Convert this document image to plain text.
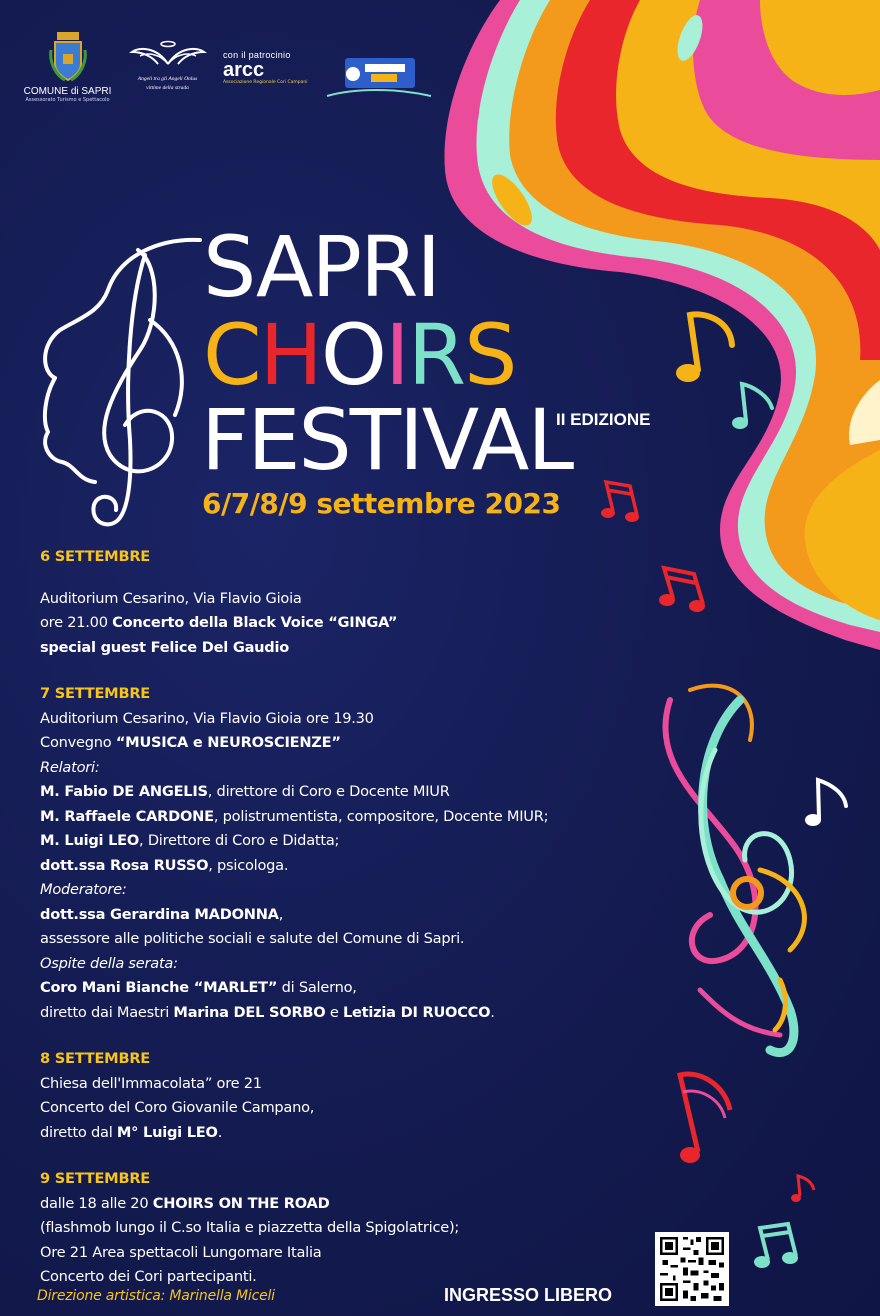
COMUNE di SAPRI
Assessorato Turismo e Spettacolo
Angeli tra gli Angeli Onlus
vittime della strada
con il patrocinio
arcc
Associazione Regionale Cori Campani
SAPRI
CHOIRS
FESTIVAL
II EDIZIONE
6/7/8/9 settembre 2023
6 SETTEMBRE
Auditorium Cesarino, Via Flavio Gioia
ore 21.00 Concerto della Black Voice “GINGA”
special guest Felice Del Gaudio
7 SETTEMBRE
Auditorium Cesarino, Via Flavio Gioia ore 19.30
Convegno “MUSICA e NEUROSCIENZE”
Relatori:
M. Fabio DE ANGELIS, direttore di Coro e Docente MIUR
M. Raffaele CARDONE, polistrumentista, compositore, Docente MIUR;
M. Luigi LEO, Direttore di Coro e Didatta;
dott.ssa Rosa RUSSO, psicologa.
Moderatore:
dott.ssa Gerardina MADONNA,
assessore alle politiche sociali e salute del Comune di Sapri.
Ospite della serata:
Coro Mani Bianche “MARLET” di Salerno,
diretto dai Maestri Marina DEL SORBO e Letizia DI RUOCCO.
8 SETTEMBRE
Chiesa dell'Immacolata” ore 21
Concerto del Coro Giovanile Campano,
diretto dal M° Luigi LEO.
9 SETTEMBRE
dalle 18 alle 20 CHOIRS ON THE ROAD
(flashmob lungo il C.so Italia e piazzetta della Spigolatrice);
Ore 21 Area spettacoli Lungomare Italia
Concerto dei Cori partecipanti.
Direzione artistica: Marinella Miceli	INGRESSO LIBERO
